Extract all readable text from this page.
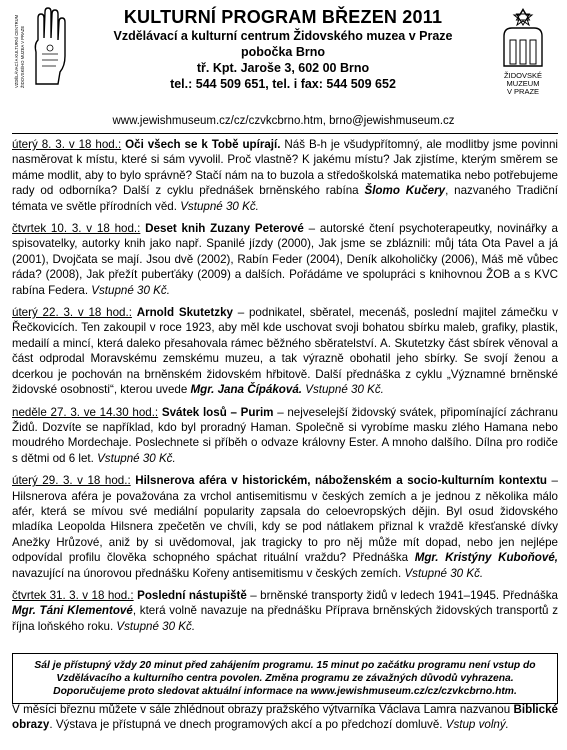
VZDĚLÁVACÍ A KULTURNÍ CENTRUM ŽIDOVSKÉHO MUZEA V PRAZE

KULTURNÍ PROGRAM BŘEZEN 2011

Vzdělávací a kulturní centrum Židovského muzea v Praze

pobočka Brno

tř. Kpt. Jaroše 3, 602 00 Brno

tel.: 544 509 651, tel. i fax: 544 509 652

ŽIDOVSKÉ
MUZEUM
V PRAZE
www.jewishmuseum.cz/cz/czvkcbrno.htm, brno@jewishmuseum.cz

úterý 8. 3. v 18 hod.: Oči všech se k Tobě upírají. Náš B-h je všudypřítomný, ale modlitby jsme povinni nasměrovat k místu, které si sám vyvolil. Proč vlastně? K jakému místu? Jak zjistíme, kterým směrem se máme modlit, aby to bylo správně? Stačí nám na to buzola a středoškolská matematika nebo potřebujeme rady od odborníka? Další z cyklu přednášek brněnského rabína Šlomo Kučery, nazvaného Tradiční témata ve světle přírodních věd. Vstupné 30 Kč.

čtvrtek 10. 3. v 18 hod.: Deset knih Zuzany Peterové – autorské čtení psychoterapeutky, novinářky a spisovatelky, autorky knih jako např. Spanilé jízdy (2000), Jak jsme se zbláznili: můj táta Ota Pavel a já (2001), Dvojčata se mají. Jsou dvě (2002), Rabín Feder (2004), Deník alkoholičky (2006), Máš mě vůbec ráda? (2008), Jak přežít puberťáky (2009) a dalších. Pořádáme ve spolupráci s knihovnou ŽOB a s KVC rabína Federa. Vstupné 30 Kč.

úterý 22. 3. v 18 hod.: Arnold Skutetzky – podnikatel, sběratel, mecenáš, poslední majitel zámečku v Řečkovicích. Ten zakoupil v roce 1923, aby měl kde uschovat svoji bohatou sbírku maleb, grafiky, plastik, medailí a mincí, která daleko přesahovala rámec běžného sběratelství. A. Skutetzky část sbírek věnoval a část odprodal Moravskému zemskému muzeu, a tak výrazně obohatil jeho sbírky. Se svojí ženou a dcerkou je pochován na brněnském židovském hřbitově. Další přednáška z cyklu „Významné brněnské židovské osobnosti“, kterou uvede Mgr. Jana Čípáková. Vstupné 30 Kč.

neděle 27. 3. ve 14.30 hod.: Svátek losů – Purim – nejveselejší židovský svátek, připomínající záchranu Židů. Dozvíte se například, kdo byl proradný Haman. Společně si vyrobíme masku zlého Hamana nebo moudrého Mordechaje. Poslechnete si příběh o odvaze královny Ester. A mnoho dalšího. Dílna pro rodiče s dětmi od 6 let. Vstupné 30 Kč.

úterý 29. 3. v 18 hod.: Hilsnerova aféra v historickém, náboženském a socio-kulturním kontextu – Hilsnerova aféra je považována za vrchol antisemitismu v českých zemích a je jednou z několika málo afér, která se mívou své mediální popularity zapsala do celoevropských dějin. Byl osud židovského mladíka Leopolda Hilsnera zpečetěn ve chvíli, kdy se pod nátlakem přiznal k vraždě křesťanské dívky Anežky Hrůzové, aniž by si uvědomoval, jak tragicky to pro něj může mít dopad, nebo jen nejlépe odpovídal profilu člověka schopného spáchat rituální vraždu? Přednáška Mgr. Kristýny Kuboňové, navazující na únorovou přednášku Kořeny antisemitismu v českých zemích. Vstupné 30 Kč.

čtvrtek 31. 3. v 18 hod.: Poslední nástupiště – brněnské transporty židů v ledech 1941–1945. Přednáška Mgr. Táni Klementové, která volně navazuje na přednášku Příprava brněnských židovských transportů z října loňského roku. Vstupné 30 Kč.

Sál je přístupný vždy 20 minut před zahájením programu. 15 minut po začátku programu není vstup do
Vzdělávacího a kulturního centra povolen. Změna programu ze závažných důvodů vyhrazena.
Doporučujeme proto sledovat aktuální informace na www.jewishmuseum.cz/cz/czvkcbrno.htm.
V měsíci březnu můžete v sále zhlédnout obrazy pražského výtvarníka Václava Lamra nazvanou Biblické obrazy. Výstava je přístupná ve dnech programových akcí a po předchozí domluvě. Vstup volný.
